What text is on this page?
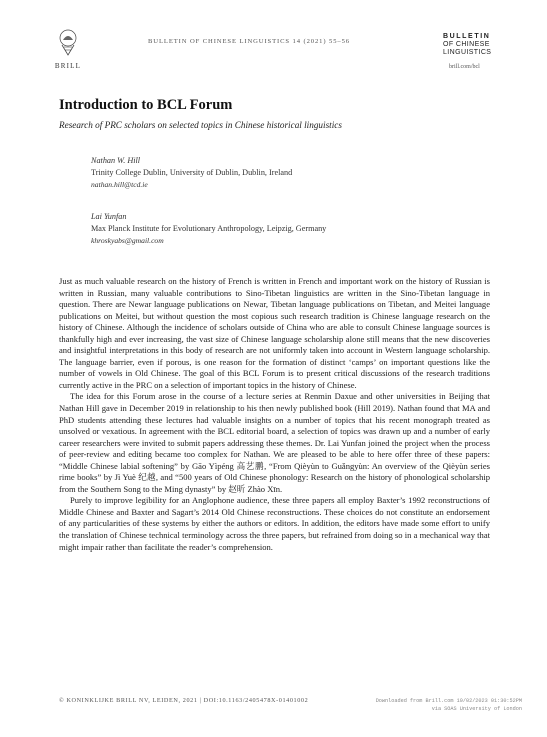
BRILL
BULLETIN OF CHINESE LINGUISTICS 14 (2021) 55–56
BULLETIN
OF CHINESE
LINGUISTICS
brill.com/bcl
Introduction to BCL Forum
Research of PRC scholars on selected topics in Chinese historical linguistics
Nathan W. Hill
Trinity College Dublin, University of Dublin, Dublin, Ireland
nathan.hill@tcd.ie
Lai Yunfan
Max Planck Institute for Evolutionary Anthropology, Leipzig, Germany
khroskyabs@gmail.com

Just as much valuable research on the history of French is written in French and important work on the history of Russian is written in Russian, many valuable contributions to Sino-Tibetan linguistics are written in the Sino-Tibetan language in question. There are Newar language publications on Newar, Tibetan language publications on Tibetan, and Meitei language publications on Meitei, but without question the most copious such research tradition is Chinese language research on the history of Chinese. Although the incidence of scholars outside of China who are able to consult Chinese language sources is thankfully high and ever increasing, the vast size of Chinese language scholarship alone still means that the new discoveries and insightful interpretations in this body of research are not uniformly taken into account in Western language scholarship. The language barrier, even if porous, is one reason for the formation of distinct ‘camps’ on important questions like the number of vowels in Old Chinese. The goal of this BCL Forum is to present critical discussions of the research traditions currently active in the PRC on a selection of important topics in the history of Chinese.

The idea for this Forum arose in the course of a lecture series at Renmin Daxue and other universities in Beijing that Nathan Hill gave in December 2019 in relationship to his then newly published book (Hill 2019). Nathan found that MA and PhD students attending these lectures had valuable insights on a number of topics that his recent monograph treated as unsolved or vexatious. In agreement with the BCL editorial board, a selection of topics was drawn up and a number of early career researchers were invited to submit papers addressing these themes. Dr. Lai Yunfan joined the project when the process of peer-review and editing became too complex for Nathan. We are pleased to be able to here offer three of these papers: “Middle Chinese labial softening” by Gāo Yìpéng 高艺鹏, “From Qièyùn to Guǎngyùn: An overview of the Qièyùn series rime books” by Jì Yuè 纪越, and “500 years of Old Chinese phonology: Research on the history of phonological scholarship from the Southern Song to the Ming dynasty” by 赵昕 Zhào Xīn.

Purely to improve legibility for an Anglophone audience, these three papers all employ Baxter’s 1992 reconstructions of Middle Chinese and Baxter and Sagart’s 2014 Old Chinese reconstructions. These choices do not constitute an endorsement of any particularities of these systems by either the authors or editors. In addition, the editors have made some effort to unify the translation of Chinese technical terminology across the three papers, but refrained from doing so in a mechanical way that might impair rather than facilitate the reader’s comprehension.

© KONINKLIJKE BRILL NV, LEIDEN, 2021 | DOI:10.1163/2405478X-01401002	Downloaded from Brill.com 10/02/2023 01:30:52PM
via SOAS University of London
